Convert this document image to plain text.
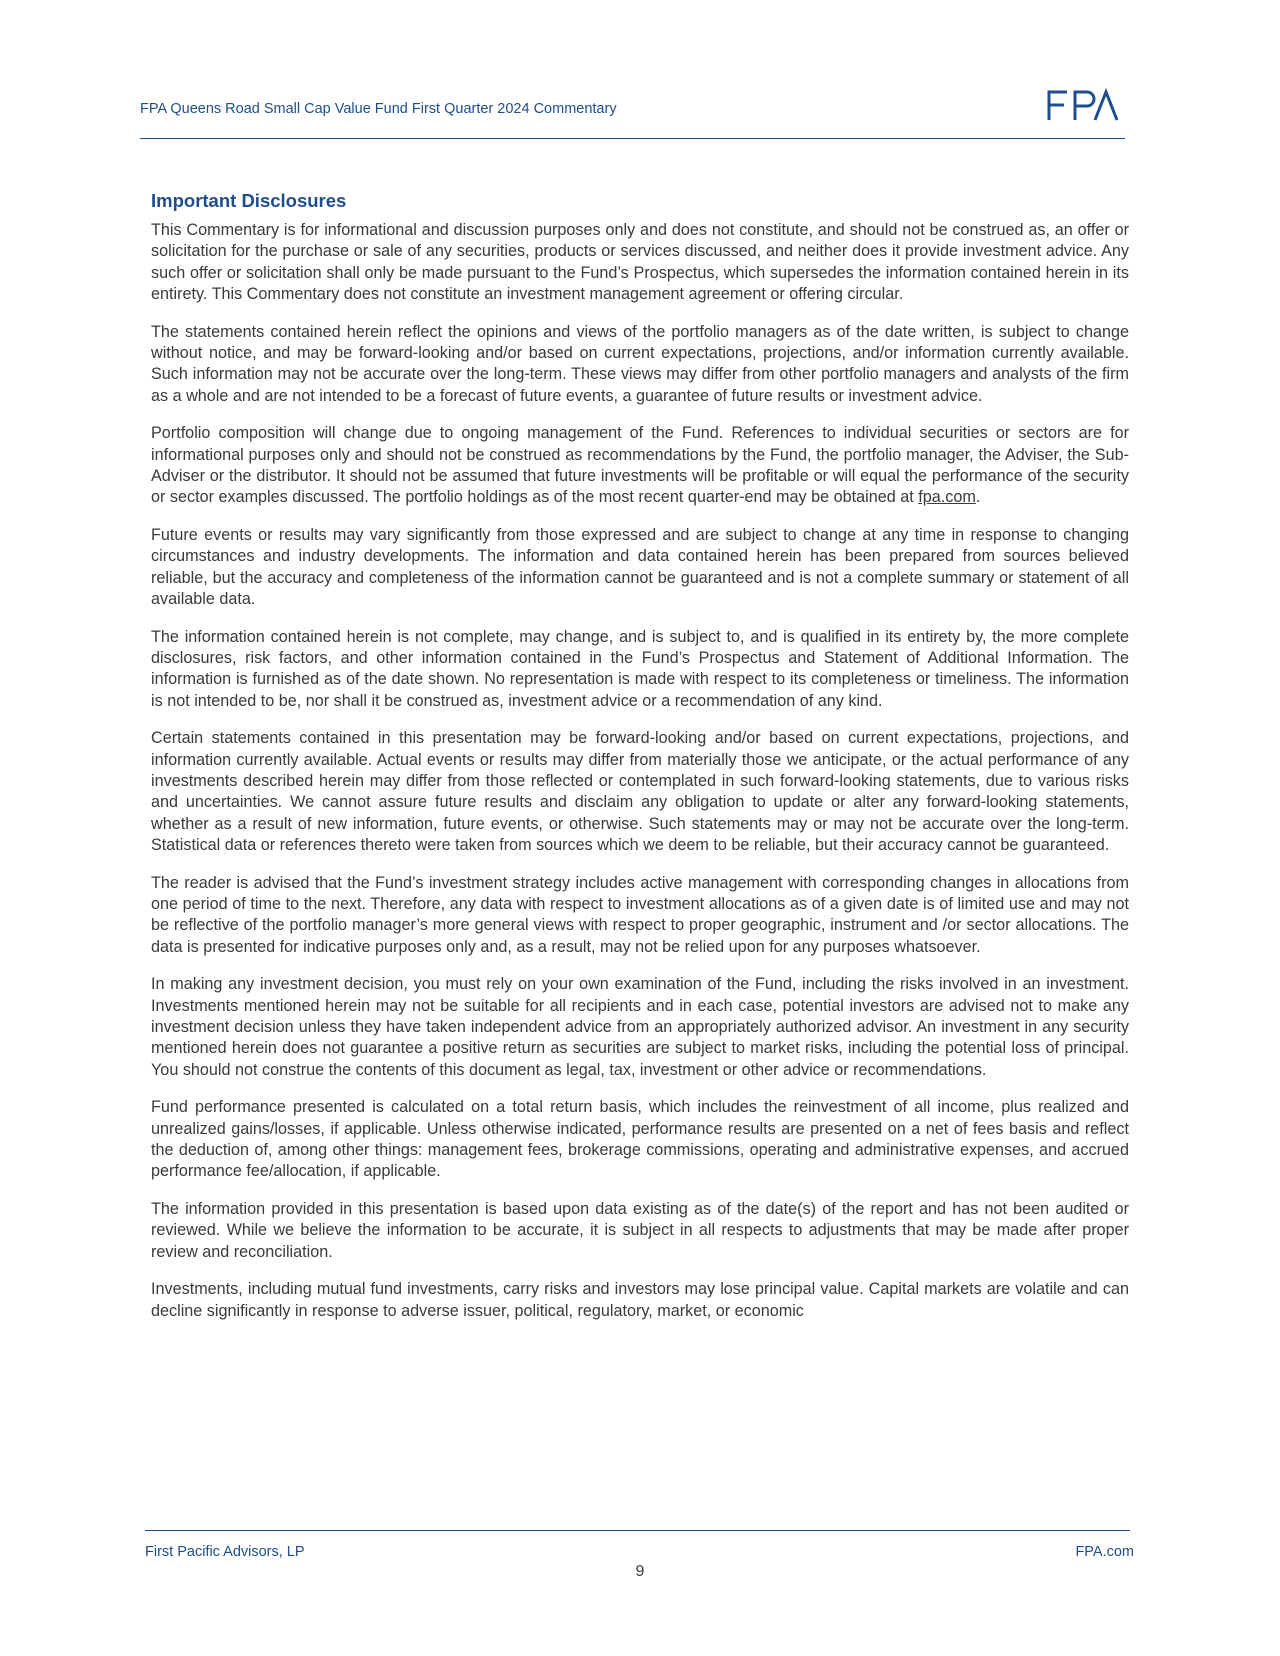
FPA Queens Road Small Cap Value Fund First Quarter 2024 Commentary
Important Disclosures

This Commentary is for informational and discussion purposes only and does not constitute, and should not be construed as, an offer or solicitation for the purchase or sale of any securities, products or services discussed, and neither does it provide investment advice. Any such offer or solicitation shall only be made pursuant to the Fund’s Prospectus, which supersedes the information contained herein in its entirety. This Commentary does not constitute an investment management agreement or offering circular.

The statements contained herein reflect the opinions and views of the portfolio managers as of the date written, is subject to change without notice, and may be forward-looking and/or based on current expectations, projections, and/or information currently available. Such information may not be accurate over the long-term. These views may differ from other portfolio managers and analysts of the firm as a whole and are not intended to be a forecast of future events, a guarantee of future results or investment advice.

Portfolio composition will change due to ongoing management of the Fund. References to individual securities or sectors are for informational purposes only and should not be construed as recommendations by the Fund, the portfolio manager, the Adviser, the Sub-Adviser or the distributor. It should not be assumed that future investments will be profitable or will equal the performance of the security or sector examples discussed. The portfolio holdings as of the most recent quarter-end may be obtained at fpa.com.

Future events or results may vary significantly from those expressed and are subject to change at any time in response to changing circumstances and industry developments. The information and data contained herein has been prepared from sources believed reliable, but the accuracy and completeness of the information cannot be guaranteed and is not a complete summary or statement of all available data.

The information contained herein is not complete, may change, and is subject to, and is qualified in its entirety by, the more complete disclosures, risk factors, and other information contained in the Fund’s Prospectus and Statement of Additional Information. The information is furnished as of the date shown. No representation is made with respect to its completeness or timeliness. The information is not intended to be, nor shall it be construed as, investment advice or a recommendation of any kind.

Certain statements contained in this presentation may be forward-looking and/or based on current expectations, projections, and information currently available. Actual events or results may differ from materially those we anticipate, or the actual performance of any investments described herein may differ from those reflected or contemplated in such forward-looking statements, due to various risks and uncertainties. We cannot assure future results and disclaim any obligation to update or alter any forward-looking statements, whether as a result of new information, future events, or otherwise. Such statements may or may not be accurate over the long-term. Statistical data or references thereto were taken from sources which we deem to be reliable, but their accuracy cannot be guaranteed.

The reader is advised that the Fund’s investment strategy includes active management with corresponding changes in allocations from one period of time to the next. Therefore, any data with respect to investment allocations as of a given date is of limited use and may not be reflective of the portfolio manager’s more general views with respect to proper geographic, instrument and /or sector allocations. The data is presented for indicative purposes only and, as a result, may not be relied upon for any purposes whatsoever.

In making any investment decision, you must rely on your own examination of the Fund, including the risks involved in an investment. Investments mentioned herein may not be suitable for all recipients and in each case, potential investors are advised not to make any investment decision unless they have taken independent advice from an appropriately authorized advisor. An investment in any security mentioned herein does not guarantee a positive return as securities are subject to market risks, including the potential loss of principal. You should not construe the contents of this document as legal, tax, investment or other advice or recommendations.

Fund performance presented is calculated on a total return basis, which includes the reinvestment of all income, plus realized and unrealized gains/losses, if applicable. Unless otherwise indicated, performance results are presented on a net of fees basis and reflect the deduction of, among other things: management fees, brokerage commissions, operating and administrative expenses, and accrued performance fee/allocation, if applicable.

The information provided in this presentation is based upon data existing as of the date(s) of the report and has not been audited or reviewed. While we believe the information to be accurate, it is subject in all respects to adjustments that may be made after proper review and reconciliation.

Investments, including mutual fund investments, carry risks and investors may lose principal value. Capital markets are volatile and can decline significantly in response to adverse issuer, political, regulatory, market, or economic

First Pacific Advisors, LP	FPA.com
9
